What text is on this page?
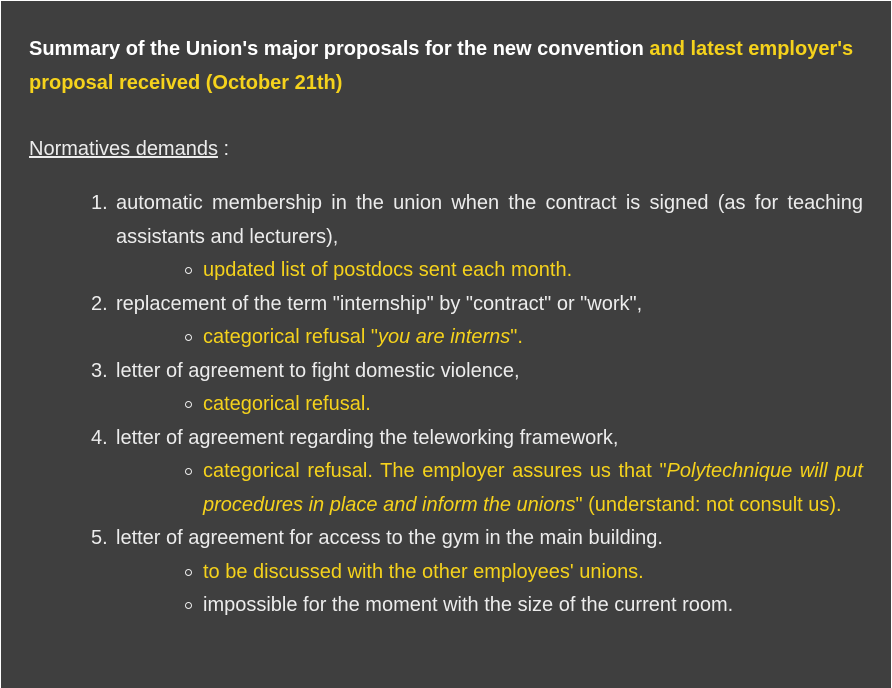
Summary of the Union's major proposals for the new convention and latest employer's proposal received (October 21th)
Normatives demands :
automatic membership in the union when the contract is signed (as for teaching assistants and lecturers),
updated list of postdocs sent each month.
replacement of the term "internship" by "contract" or "work",
categorical refusal "you are interns".
letter of agreement to fight domestic violence,
categorical refusal.
letter of agreement regarding the teleworking framework,
categorical refusal. The employer assures us that "Polytechnique will put procedures in place and inform the unions" (understand: not consult us).
letter of agreement for access to the gym in the main building.
to be discussed with the other employees' unions.
impossible for the moment with the size of the current room.
